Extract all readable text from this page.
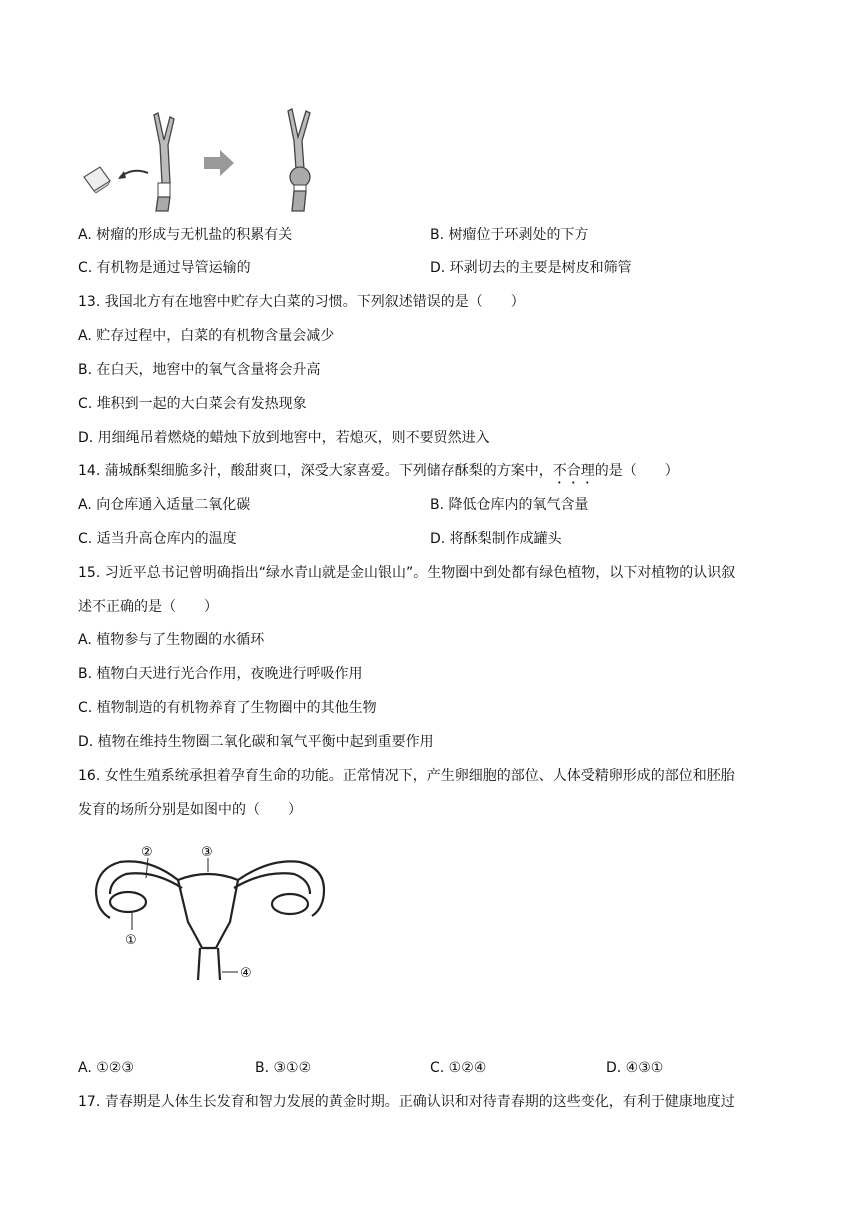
A. 树瘤的形成与无机盐的积累有关	B. 树瘤位于环剥处的下方
C. 有机物是通过导管运输的	D. 环剥切去的主要是树皮和筛管
13. 我国北方有在地窖中贮存大白菜的习惯。下列叙述错误的是（　　）
A. 贮存过程中，白菜的有机物含量会减少
B. 在白天，地窖中的氧气含量将会升高
C. 堆积到一起的大白菜会有发热现象
D. 用细绳吊着燃烧的蜡烛下放到地窖中，若熄灭，则不要贸然进入
14. 蒲城酥梨细脆多汁，酸甜爽口，深受大家喜爱。下列储存酥梨的方案中，不合理的是（　　）
A. 向仓库通入适量二氧化碳	B. 降低仓库内的氧气含量
C. 适当升高仓库内的温度	D. 将酥梨制作成罐头
15. 习近平总书记曾明确指出“绿水青山就是金山银山”。生物圈中到处都有绿色植物，以下对植物的认识叙
述不正确的是（　　）
A. 植物参与了生物圈的水循环
B. 植物白天进行光合作用，夜晚进行呼吸作用
C. 植物制造的有机物养育了生物圈中的其他生物
D. 植物在维持生物圈二氧化碳和氧气平衡中起到重要作用
16. 女性生殖系统承担着孕育生命的功能。正常情况下，产生卵细胞的部位、人体受精卵形成的部位和胚胎
发育的场所分别是如图中的（　　）
②	③
①
④
A. ①②③	B. ③①②	C. ①②④	D. ④③①
17. 青春期是人体生长发育和智力发展的黄金时期。正确认识和对待青春期的这些变化，有利于健康地度过
